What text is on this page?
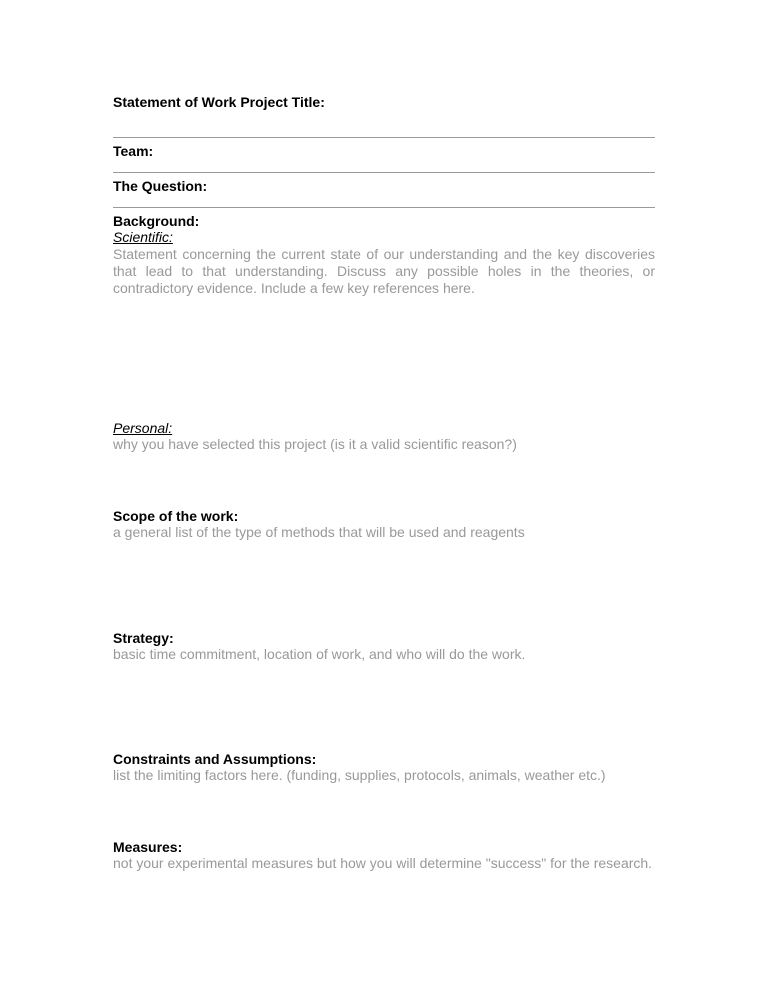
Statement of Work Project Title:
Team:
The Question:
Background:
Scientific:
Statement concerning the current state of our understanding and the key discoveries that lead to that understanding. Discuss any possible holes in the theories, or contradictory evidence. Include a few key references here.
Personal:
why you have selected this project (is it a valid scientific reason?)
Scope of the work:
a general list of the type of methods that will be used and reagents
Strategy:
basic time commitment, location of work, and who will do the work.
Constraints and Assumptions:
list the limiting factors here. (funding, supplies, protocols, animals, weather etc.)
Measures:
not your experimental measures but how you will determine "success" for the research.
